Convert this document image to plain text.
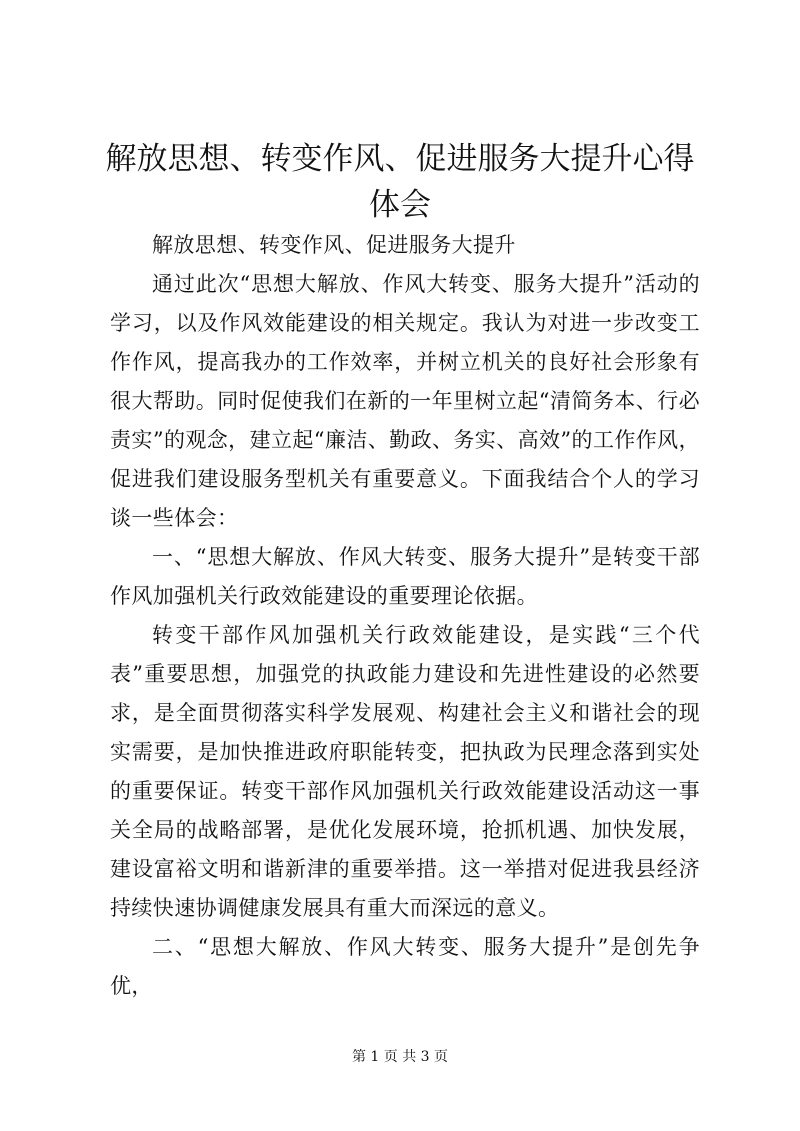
解放思想、转变作风、促进服务大提升心得体会

解放思想、转变作风、促进服务大提升

通过此次“思想大解放、作风大转变、服务大提升”活动的学习，以及作风效能建设的相关规定。我认为对进一步改变工作作风，提高我办的工作效率，并树立机关的良好社会形象有很大帮助。同时促使我们在新的一年里树立起“清简务本、行必责实”的观念，建立起“廉洁、勤政、务实、高效”的工作作风，促进我们建设服务型机关有重要意义。下面我结合个人的学习谈一些体会：

一、“思想大解放、作风大转变、服务大提升”是转变干部作风加强机关行政效能建设的重要理论依据。

转变干部作风加强机关行政效能建设，是实践“三个代表”重要思想，加强党的执政能力建设和先进性建设的必然要求，是全面贯彻落实科学发展观、构建社会主义和谐社会的现实需要，是加快推进政府职能转变，把执政为民理念落到实处的重要保证。转变干部作风加强机关行政效能建设活动这一事关全局的战略部署，是优化发展环境，抢抓机遇、加快发展，建设富裕文明和谐新津的重要举措。这一举措对促进我县经济持续快速协调健康发展具有重大而深远的意义。

二、“思想大解放、作风大转变、服务大提升”是创先争优，

第 1 页 共 3 页
